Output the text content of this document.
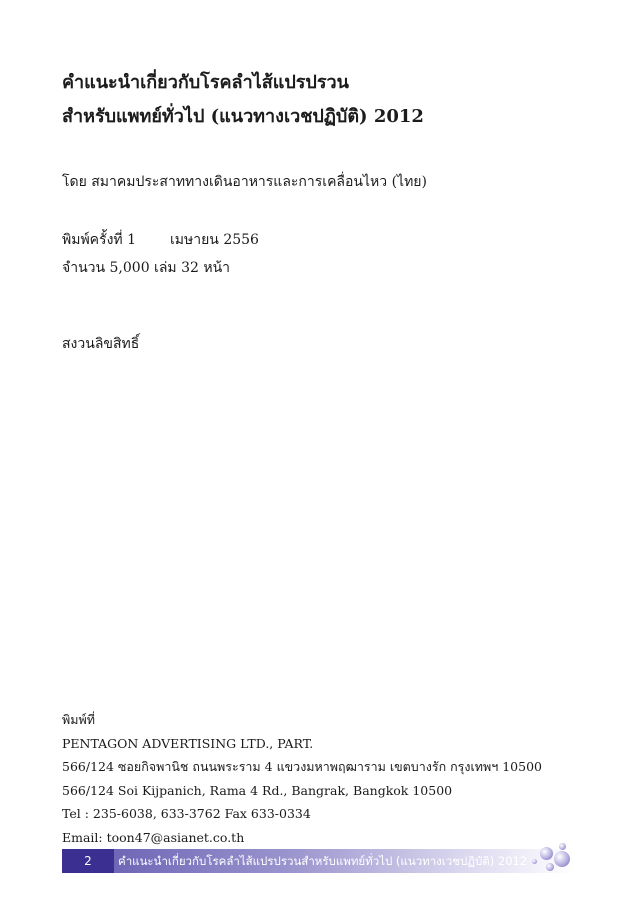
คำแนะนำเกี่ยวกับโรคลำไส้แปรปรวน
สำหรับแพทย์ทั่วไป (แนวทางเวชปฏิบัติ) 2012
โดย สมาคมประสาททางเดินอาหารและการเคลื่อนไหว (ไทย)
พิมพ์ครั้งที่ 1 เมษายน 2556
จำนวน 5,000 เล่ม 32 หน้า
สงวนลิขสิทธิ์
พิมพ์ที่
PENTAGON ADVERTISING LTD., PART.
566/124 ซอยกิจพานิช ถนนพระราม 4 แขวงมหาพฤฒาราม เขตบางรัก กรุงเทพฯ 10500
566/124 Soi Kijpanich, Rama 4 Rd., Bangrak, Bangkok 10500
Tel : 235-6038, 633-3762 Fax 633-0334
Email: toon47@asianet.co.th
2	คำแนะนำเกี่ยวกับโรคลำไส้แปรปรวนสำหรับแพทย์ทั่วไป (แนวทางเวชปฏิบัติ) 2012
